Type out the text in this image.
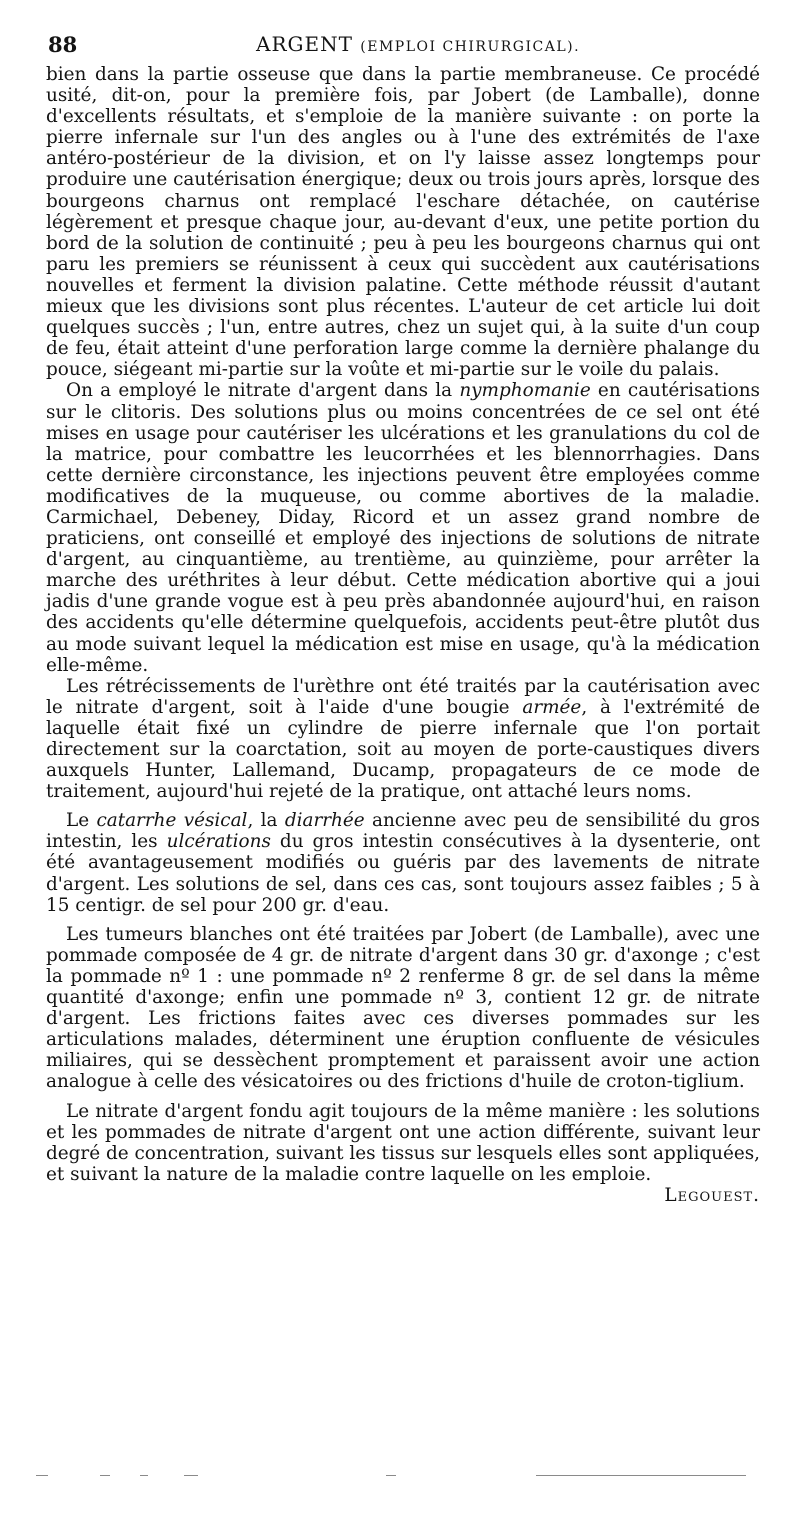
88	ARGENT (EMPLOI CHIRURGICAL).

bien dans la partie osseuse que dans la partie membraneuse. Ce procédé usité, dit-on, pour la première fois, par Jobert (de Lamballe), donne d'excellents résultats, et s'emploie de la manière suivante : on porte la pierre infernale sur l'un des angles ou à l'une des extrémités de l'axe antéro-postérieur de la division, et on l'y laisse assez longtemps pour produire une cautérisation énergique; deux ou trois jours après, lorsque des bourgeons charnus ont remplacé l'eschare détachée, on cautérise légèrement et presque chaque jour, au-devant d'eux, une petite portion du bord de la solution de continuité ; peu à peu les bourgeons charnus qui ont paru les premiers se réunissent à ceux qui succèdent aux cautérisations nouvelles et ferment la division palatine. Cette méthode réussit d'autant mieux que les divisions sont plus récentes. L'auteur de cet article lui doit quelques succès ; l'un, entre autres, chez un sujet qui, à la suite d'un coup de feu, était atteint d'une perforation large comme la dernière phalange du pouce, siégeant mi-partie sur la voûte et mi-partie sur le voile du palais.

On a employé le nitrate d'argent dans la nymphomanie en cautérisations sur le clitoris. Des solutions plus ou moins concentrées de ce sel ont été mises en usage pour cautériser les ulcérations et les granulations du col de la matrice, pour combattre les leucorrhées et les blennorrhagies. Dans cette dernière circonstance, les injections peuvent être employées comme modificatives de la muqueuse, ou comme abortives de la maladie. Carmichael, Debeney, Diday, Ricord et un assez grand nombre de praticiens, ont conseillé et employé des injections de solutions de nitrate d'argent, au cinquantième, au trentième, au quinzième, pour arrêter la marche des uréthrites à leur début. Cette médication abortive qui a joui jadis d'une grande vogue est à peu près abandonnée aujourd'hui, en raison des accidents qu'elle détermine quelquefois, accidents peut-être plutôt dus au mode suivant lequel la médication est mise en usage, qu'à la médication elle-même.

Les rétrécissements de l'urèthre ont été traités par la cautérisation avec le nitrate d'argent, soit à l'aide d'une bougie armée, à l'extrémité de laquelle était fixé un cylindre de pierre infernale que l'on portait directement sur la coarctation, soit au moyen de porte-caustiques divers auxquels Hunter, Lallemand, Ducamp, propagateurs de ce mode de traitement, aujourd'hui rejeté de la pratique, ont attaché leurs noms.

Le catarrhe vésical, la diarrhée ancienne avec peu de sensibilité du gros intestin, les ulcérations du gros intestin consécutives à la dysenterie, ont été avantageusement modifiés ou guéris par des lavements de nitrate d'argent. Les solutions de sel, dans ces cas, sont toujours assez faibles ; 5 à 15 centigr. de sel pour 200 gr. d'eau.

Les tumeurs blanches ont été traitées par Jobert (de Lamballe), avec une pommade composée de 4 gr. de nitrate d'argent dans 30 gr. d'axonge ; c'est la pommade nº 1 : une pommade nº 2 renferme 8 gr. de sel dans la même quantité d'axonge; enfin une pommade nº 3, contient 12 gr. de nitrate d'argent. Les frictions faites avec ces diverses pommades sur les articulations malades, déterminent une éruption confluente de vésicules miliaires, qui se dessèchent promptement et paraissent avoir une action analogue à celle des vésicatoires ou des frictions d'huile de croton-tiglium.

Le nitrate d'argent fondu agit toujours de la même manière : les solutions et les pommades de nitrate d'argent ont une action différente, suivant leur degré de concentration, suivant les tissus sur lesquels elles sont appliquées, et suivant la nature de la maladie contre laquelle on les emploie.
Legouest.
